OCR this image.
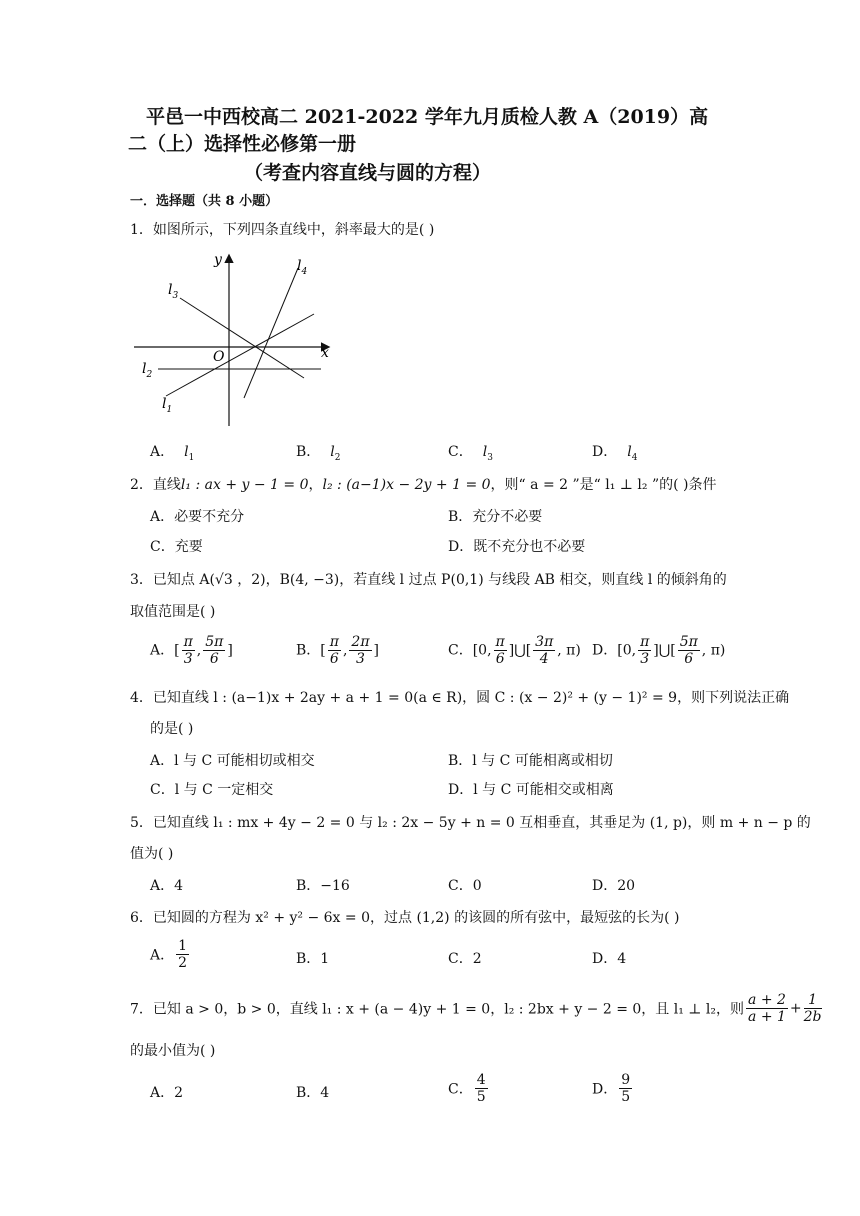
平邑一中西校高二 2021-2022 学年九月质检人教 A（2019）高
二（上）选择性必修第一册
（考查内容直线与圆的方程）
一．选择题（共 8 小题）
1．如图所示，下列四条直线中，斜率最大的是( )
y
x
O
$l_4$
$l_3$
$l_2$
$l_1$
A． $l_1$	B． $l_2$	C． $l_3$	D． $l_4$
2．直线l₁ : ax + y − 1 = 0，l₂ : (a−1)x − 2y + 1 = 0，则“ a = 2 ”是“ l₁ ⊥ l₂ ”的( )条件
A．必要不充分	B．充分不必要
C．充要	D．既不充分也不必要
3．已知点 A(√3 ，2)，B(4, −3)，若直线 l 过点 P(0,1) 与线段 AB 相交，则直线 l 的倾斜角的
取值范围是( )
A．[ $\frac{\pi}{3}$ , $\frac{5\pi}{6}$ ]	B．[ $\frac{\pi}{6}$ , $\frac{2\pi}{3}$ ]	C．[0, $\frac{\pi}{6}$ ]⋃[ $\frac{3\pi}{4}$ , π) D．[0, $\frac{\pi}{3}$ ]⋃[ $\frac{5\pi}{6}$ , π)
4．已知直线 l : (a−1)x + 2ay + a + 1 = 0(a ∈ R)，圆 C : (x − 2)² + (y − 1)² = 9，则下列说法正确
的是( )
A．l 与 C 可能相切或相交	B．l 与 C 可能相离或相切
C．l 与 C 一定相交	D．l 与 C 可能相交或相离
5．已知直线 l₁ : mx + 4y − 2 = 0 与 l₂ : 2x − 5y + n = 0 互相垂直，其垂足为 (1, p)，则 m + n − p 的
值为( )
A．4	B．−16	C．0	D．20
6．已知圆的方程为 x² + y² − 6x = 0，过点 (1,2) 的该圆的所有弦中，最短弦的长为( )
A． $\frac{1}{2}$	B．1	C．2	D．4
7．已知 a > 0，b > 0，直线 l₁ : x + (a − 4)y + 1 = 0，l₂ : 2bx + y − 2 = 0，且 l₁ ⊥ l₂，则 $\frac{a + 2}{a + 1} + \frac{1}{2b}$
的最小值为( )
A．2	B．4	C． $\frac{4}{5}$	D． $\frac{9}{5}$
